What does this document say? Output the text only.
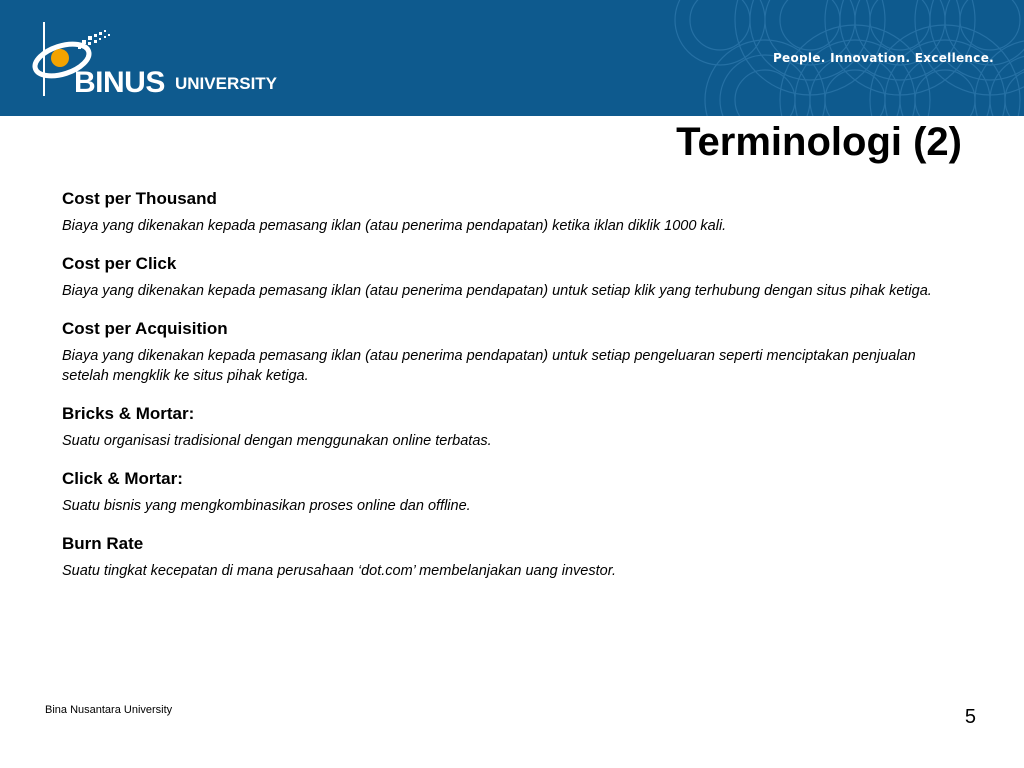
BINUS UNIVERSITY
People. Innovation. Excellence.
Terminologi (2)

Cost per Thousand

Biaya yang dikenakan kepada pemasang iklan (atau penerima pendapatan) ketika iklan diklik 1000 kali.

Cost per Click

Biaya yang dikenakan kepada pemasang iklan (atau penerima pendapatan) untuk setiap klik yang terhubung dengan situs pihak ketiga.

Cost per Acquisition

Biaya yang dikenakan kepada pemasang iklan (atau penerima pendapatan) untuk setiap pengeluaran seperti menciptakan penjualan setelah mengklik ke situs pihak ketiga.

Bricks & Mortar:

Suatu organisasi tradisional dengan menggunakan online terbatas.

Click & Mortar:

Suatu bisnis yang mengkombinasikan proses online dan offline.

Burn Rate

Suatu tingkat kecepatan di mana perusahaan ‘dot.com’ membelanjakan uang investor.

Bina Nusantara University	5
